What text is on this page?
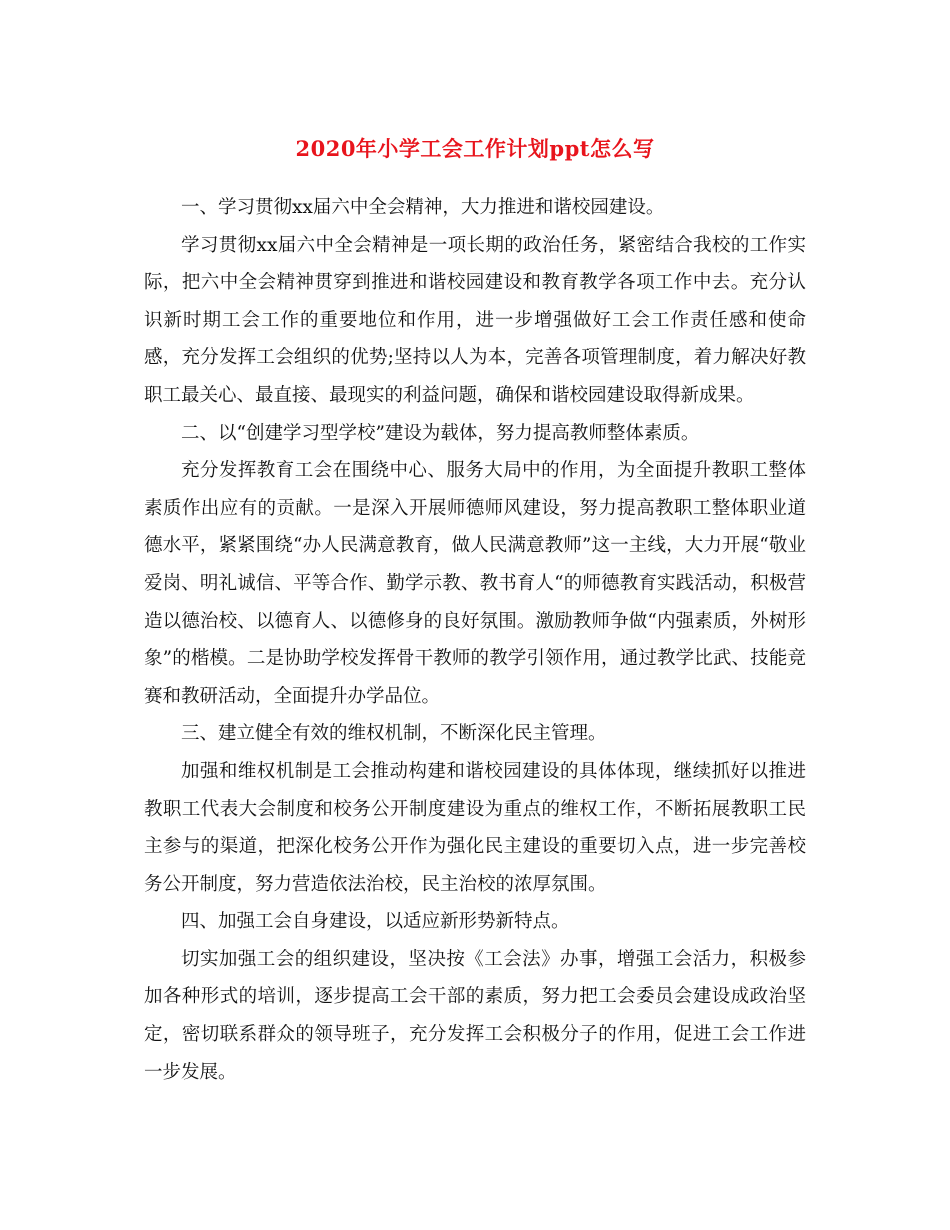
2020年小学工会工作计划ppt怎么写

一、学习贯彻xx届六中全会精神，大力推进和谐校园建设。

学习贯彻xx届六中全会精神是一项长期的政治任务，紧密结合我校的工作实际，把六中全会精神贯穿到推进和谐校园建设和教育教学各项工作中去。充分认识新时期工会工作的重要地位和作用，进一步增强做好工会工作责任感和使命感，充分发挥工会组织的优势;坚持以人为本，完善各项管理制度，着力解决好教职工最关心、最直接、最现实的利益问题，确保和谐校园建设取得新成果。

二、以“创建学习型学校”建设为载体，努力提高教师整体素质。

充分发挥教育工会在围绕中心、服务大局中的作用，为全面提升教职工整体素质作出应有的贡献。一是深入开展师德师风建设，努力提高教职工整体职业道德水平，紧紧围绕“办人民满意教育，做人民满意教师”这一主线，大力开展“敬业爱岗、明礼诚信、平等合作、勤学示教、教书育人“的师德教育实践活动，积极营造以德治校、以德育人、以德修身的良好氛围。激励教师争做“内强素质，外树形象”的楷模。二是协助学校发挥骨干教师的教学引领作用，通过教学比武、技能竞赛和教研活动，全面提升办学品位。

三、建立健全有效的维权机制，不断深化民主管理。

加强和维权机制是工会推动构建和谐校园建设的具体体现，继续抓好以推进教职工代表大会制度和校务公开制度建设为重点的维权工作，不断拓展教职工民主参与的渠道，把深化校务公开作为强化民主建设的重要切入点，进一步完善校务公开制度，努力营造依法治校，民主治校的浓厚氛围。

四、加强工会自身建设，以适应新形势新特点。

切实加强工会的组织建设，坚决按《工会法》办事，增强工会活力，积极参加各种形式的培训，逐步提高工会干部的素质，努力把工会委员会建设成政治坚定，密切联系群众的领导班子，充分发挥工会积极分子的作用，促进工会工作进一步发展。
